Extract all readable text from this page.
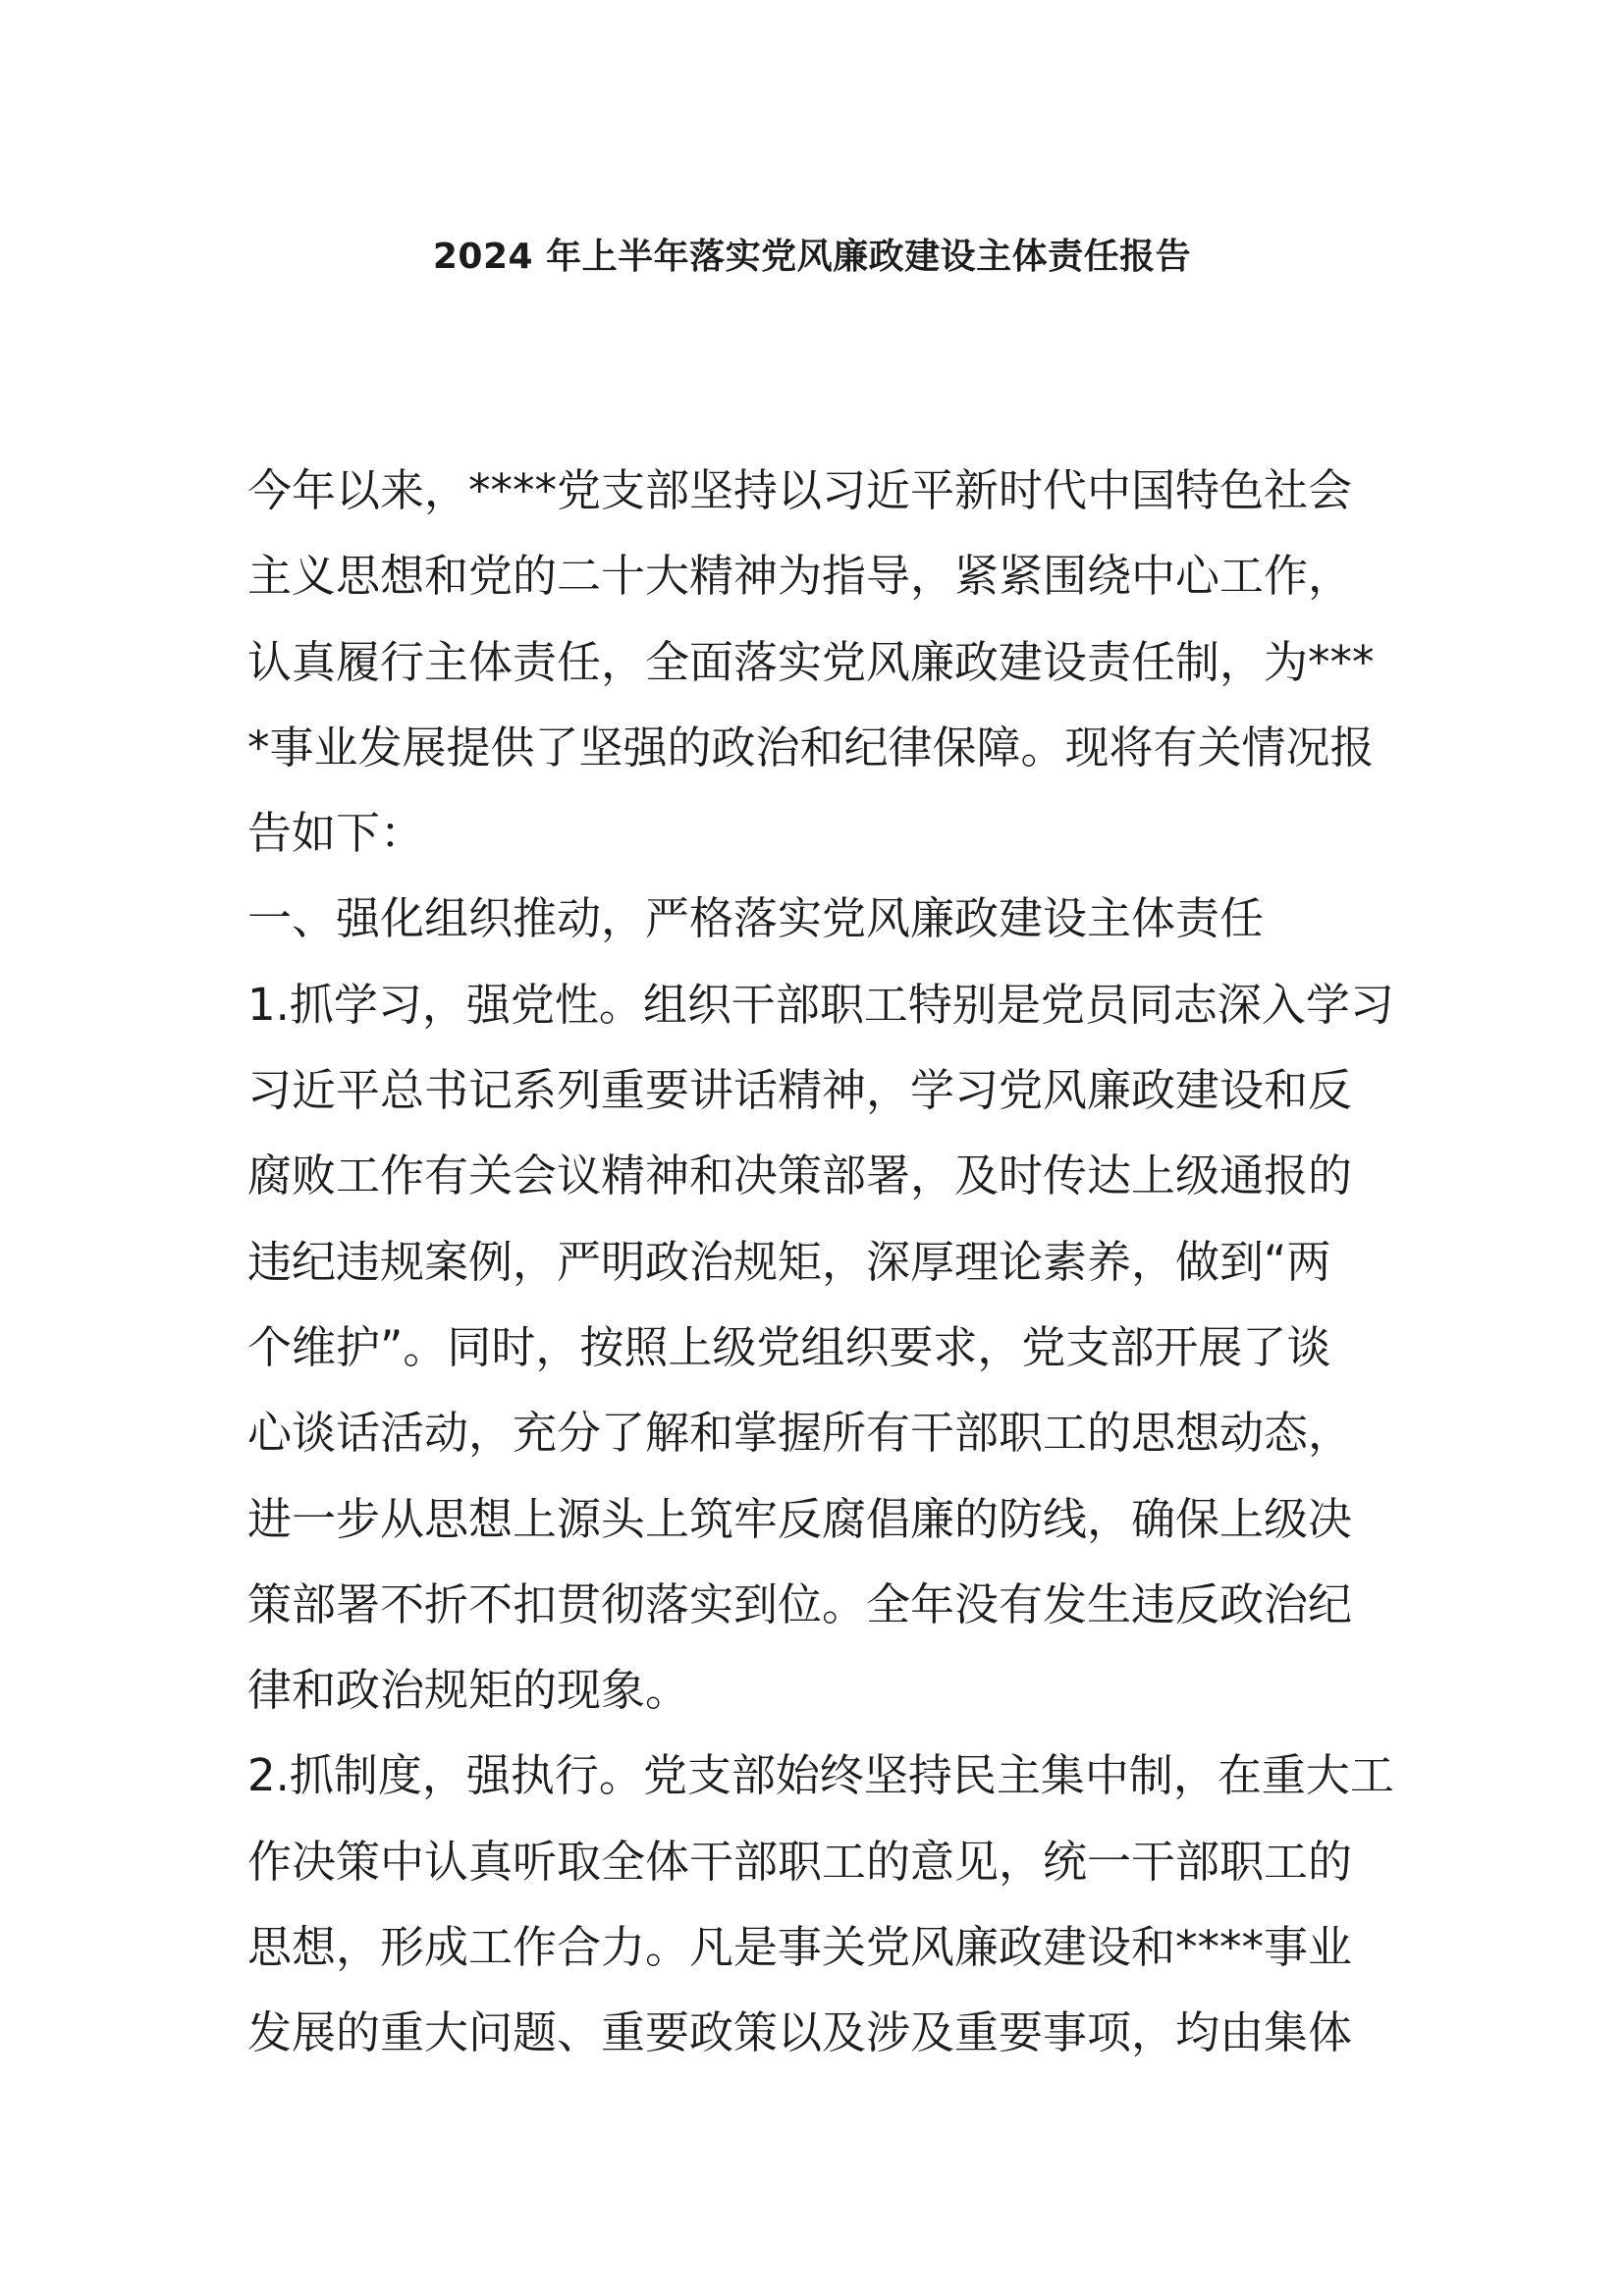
2024 年上半年落实党风廉政建设主体责任报告
今年以来，****党支部坚持以习近平新时代中国特色社会
主义思想和党的二十大精神为指导，紧紧围绕中心工作，
认真履行主体责任，全面落实党风廉政建设责任制，为***
*事业发展提供了坚强的政治和纪律保障。现将有关情况报
告如下：
一、强化组织推动，严格落实党风廉政建设主体责任
1.抓学习，强党性。组织干部职工特别是党员同志深入学习
习近平总书记系列重要讲话精神，学习党风廉政建设和反
腐败工作有关会议精神和决策部署，及时传达上级通报的
违纪违规案例，严明政治规矩，深厚理论素养，做到“两
个维护”。同时，按照上级党组织要求，党支部开展了谈
心谈话活动，充分了解和掌握所有干部职工的思想动态，
进一步从思想上源头上筑牢反腐倡廉的防线，确保上级决
策部署不折不扣贯彻落实到位。全年没有发生违反政治纪
律和政治规矩的现象。
2.抓制度，强执行。党支部始终坚持民主集中制，在重大工
作决策中认真听取全体干部职工的意见，统一干部职工的
思想，形成工作合力。凡是事关党风廉政建设和****事业
发展的重大问题、重要政策以及涉及重要事项，均由集体
